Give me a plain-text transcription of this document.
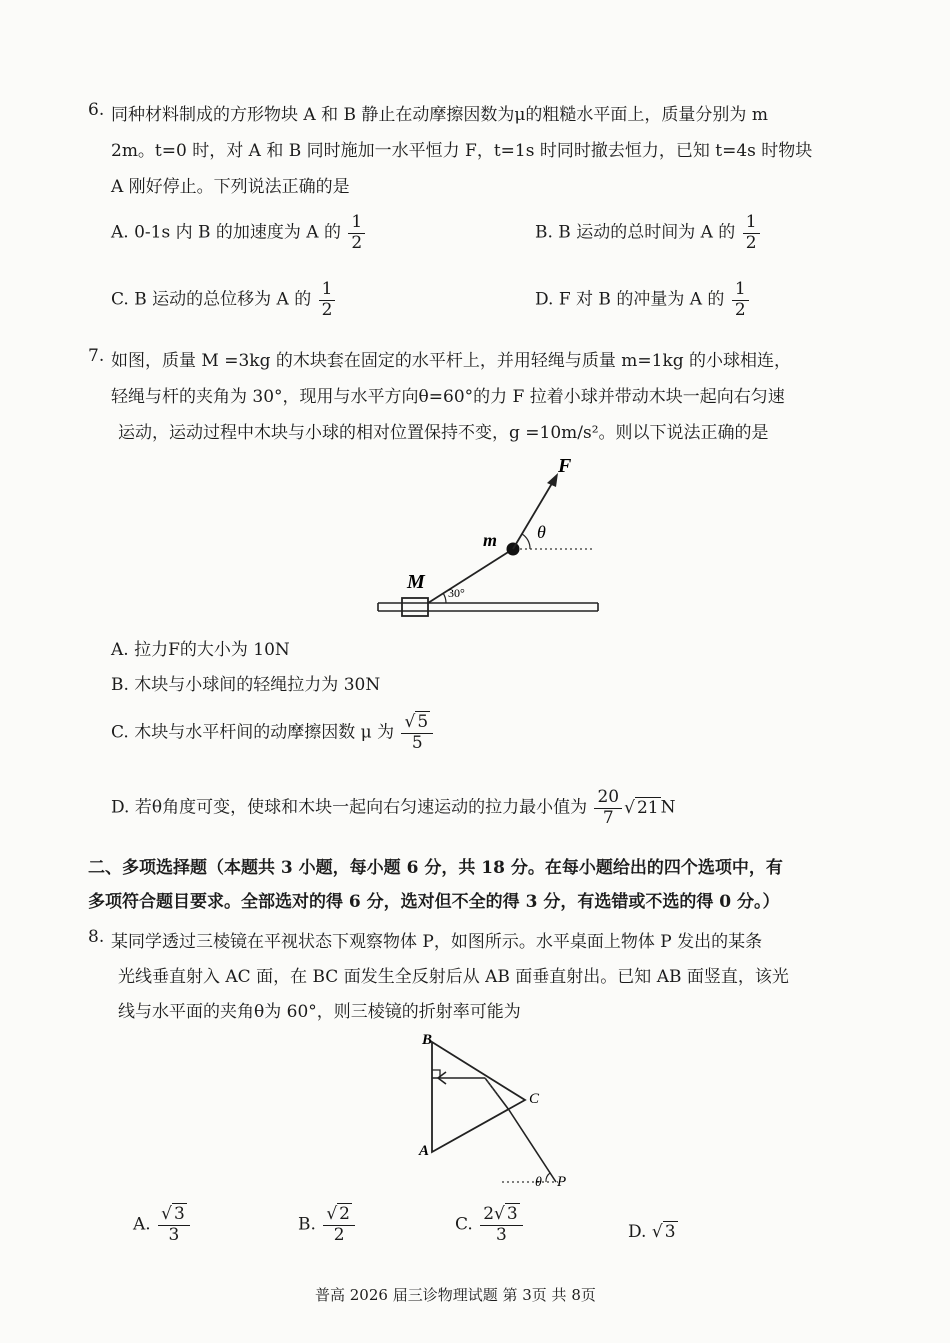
6. 同种材料制成的方形物块 A 和 B 静止在动摩擦因数为μ的粗糙水平面上，质量分别为 m
2m。t=0 时，对 A 和 B 同时施加一水平恒力 F，t=1s 时同时撤去恒力，已知 t=4s 时物块
A 刚好停止。下列说法正确的是
A. 0-1s 内 B 的加速度为 A 的 $\frac{1}{2}$	B. B 运动的总时间为 A 的 $\frac{1}{2}$
C. B 运动的总位移为 A 的 $\frac{1}{2}$	D. F 对 B 的冲量为 A 的 $\frac{1}{2}$
7. 如图，质量 M =3kg 的木块套在固定的水平杆上，并用轻绳与质量 m=1kg 的小球相连，
轻绳与杆的夹角为 30°，现用与水平方向θ=60°的力 F 拉着小球并带动木块一起向右匀速
运动，运动过程中木块与小球的相对位置保持不变，g =10m/s²。则以下说法正确的是
F
m θ
M 30°
A. 拉力F的大小为 10N
B. 木块与小球间的轻绳拉力为 30N
C. 木块与水平杆间的动摩擦因数 μ 为 $\frac{√ 5}{5}$
D. 若θ角度可变，使球和木块一起向右匀速运动的拉力最小值为 $\frac{20}{7}$ √ 21 N
二、多项选择题（本题共 3 小题，每小题 6 分，共 18 分。在每小题给出的四个选项中，有
多项符合题目要求。全部选对的得 6 分，选对但不全的得 3 分，有选错或不选的得 0 分。）
8. 某同学透过三棱镜在平视状态下观察物体 P，如图所示。水平桌面上物体 P 发出的某条
光线垂直射入 AC 面，在 BC 面发生全反射后从 AB 面垂直射出。已知 AB 面竖直，该光
线与水平面的夹角θ为 60°，则三棱镜的折射率可能为
B
C
A
θ P
A. $\frac{√ 3}{3}$	B. $\frac{√ 2}{2}$	C. $\frac{2√ 3}{3}$	D. √ 3
普高 2026 届三诊物理试题 第 3页 共 8页
